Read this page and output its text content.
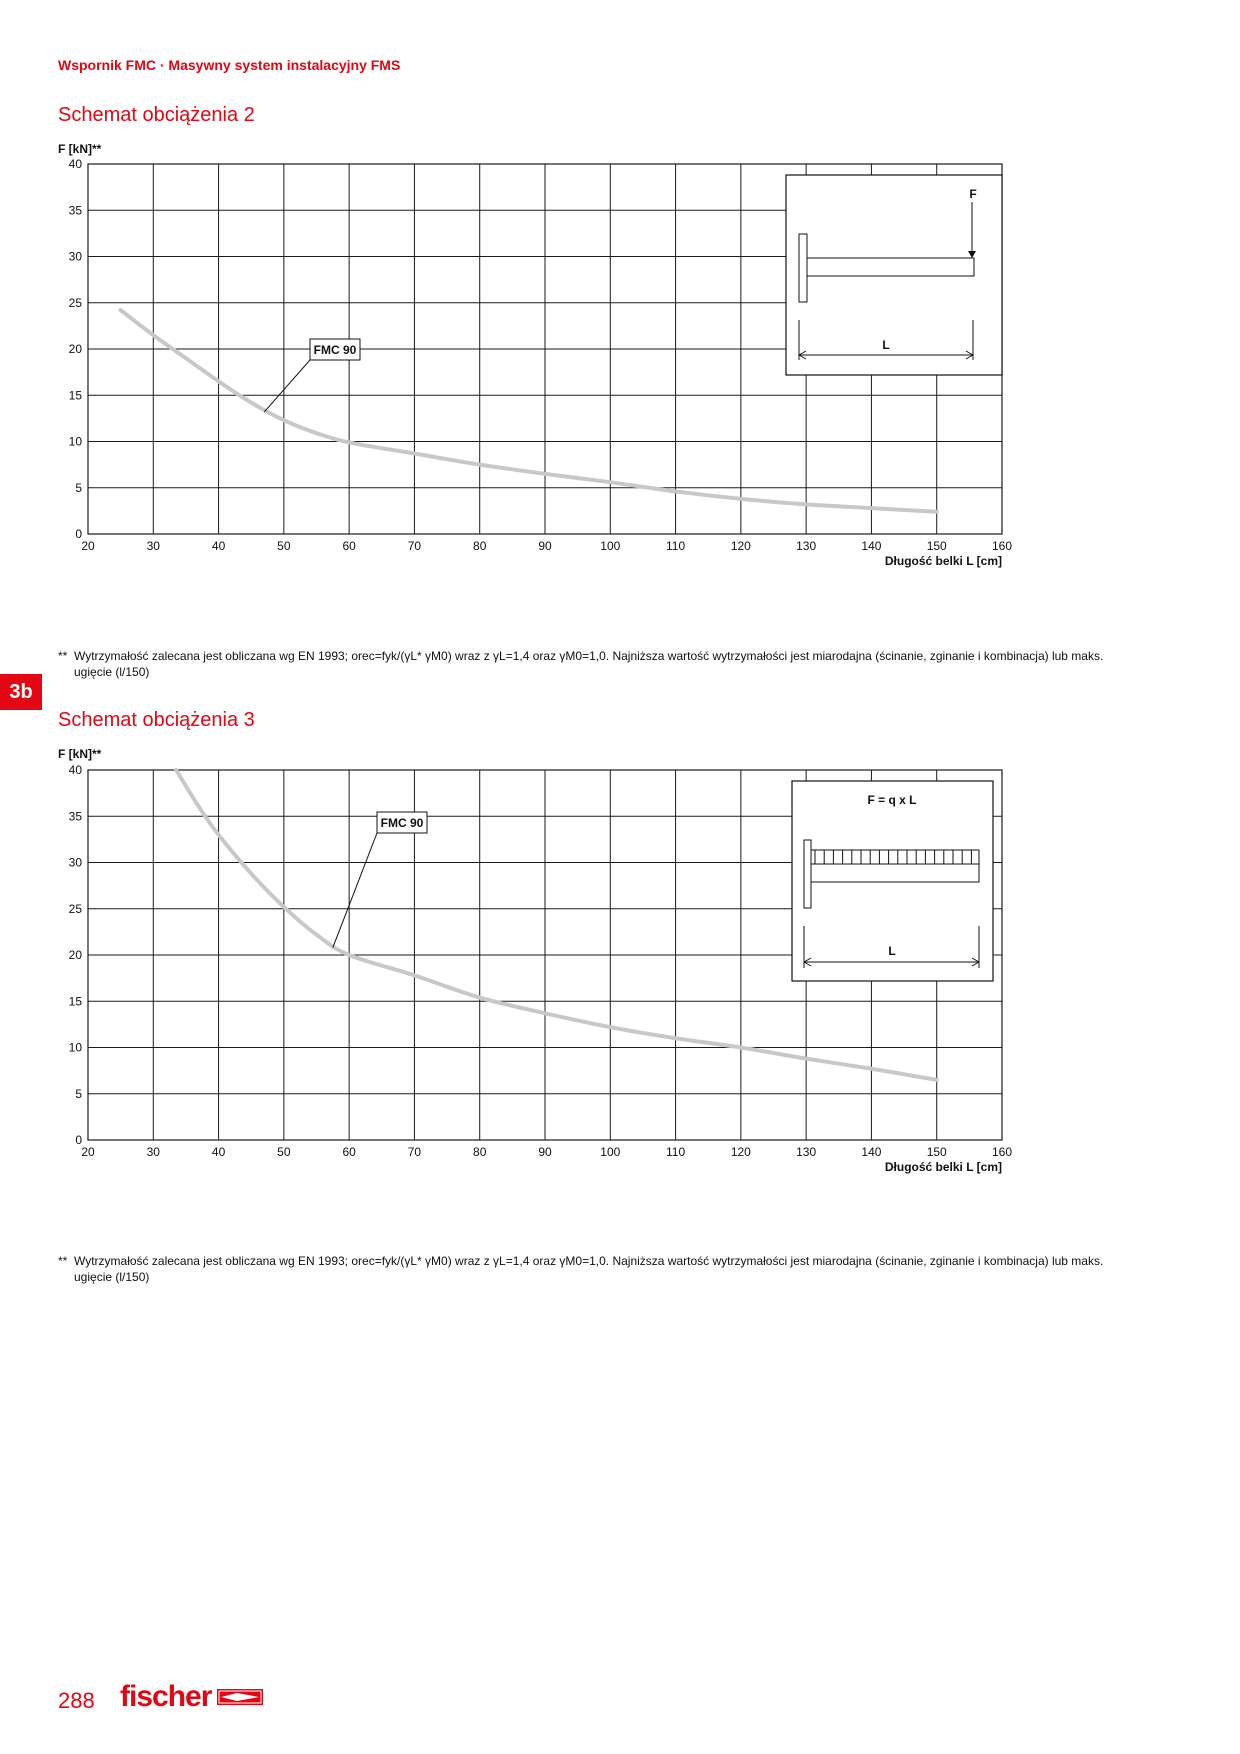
Wspornik FMC · Masywny system instalacyjny FMS
Schemat obciążenia 2
F [kN]**
20	30	40	50	60	70	80	90	100	110	120	130	140	150	160
0
5
10
15
20
25
30
35
40
Długość belki L [cm]
FMC 90
F
L
** Wytrzymałość zalecana jest obliczana wg EN 1993; orec=fyk/(γL* γM0) wraz z γL=1,4 oraz γM0=1,0. Najniższa wartość wytrzymałości jest miarodajna (ścinanie, zginanie i kombinacja) lub maks. ugięcie (l/150)
3b
Schemat obciążenia 3
F [kN]**
20	30	40	50	60	70	80	90	100	110	120	130	140	150	160
0
5
10
15
20
25
30
35
40
Długość belki L [cm]
FMC 90
F = q x L
L
** Wytrzymałość zalecana jest obliczana wg EN 1993; orec=fyk/(γL* γM0) wraz z γL=1,4 oraz γM0=1,0. Najniższa wartość wytrzymałości jest miarodajna (ścinanie, zginanie i kombinacja) lub maks. ugięcie (l/150)
288 fischer
